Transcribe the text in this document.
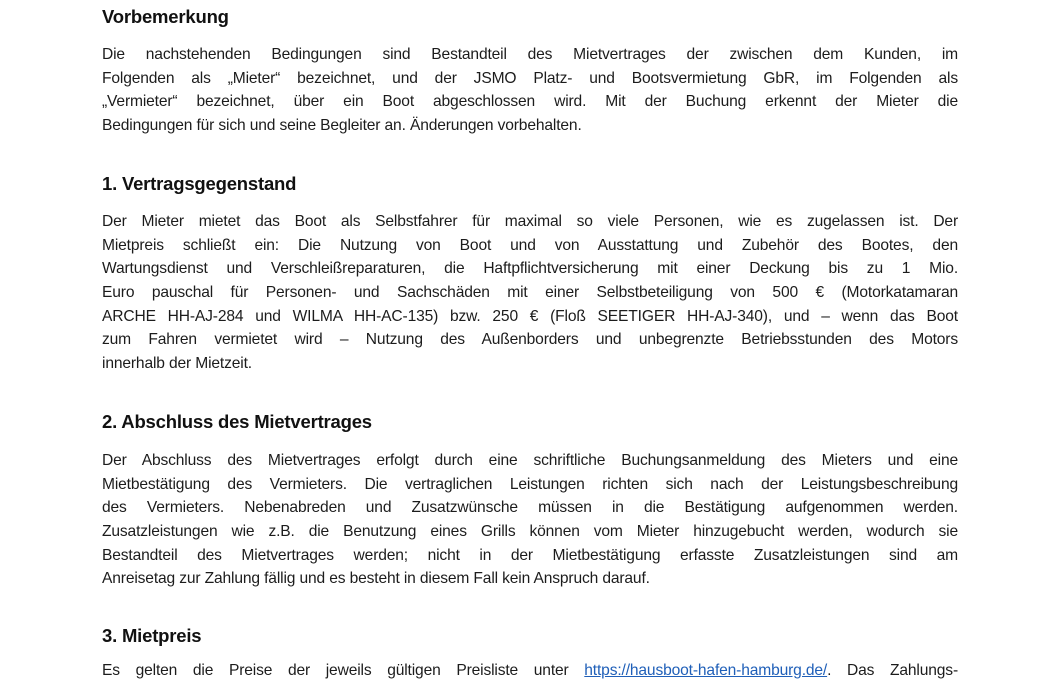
Vorbemerkung
Die nachstehenden Bedingungen sind Bestandteil des Mietvertrages der zwischen dem Kunden, im
Folgenden als „Mieter“ bezeichnet, und der JSMO Platz- und Bootsvermietung GbR, im Folgenden als
„Vermieter“ bezeichnet, über ein Boot abgeschlossen wird. Mit der Buchung erkennt der Mieter die
Bedingungen für sich und seine Begleiter an. Änderungen vorbehalten.
1. Vertragsgegenstand
Der Mieter mietet das Boot als Selbstfahrer für maximal so viele Personen, wie es zugelassen ist. Der
Mietpreis schließt ein: Die Nutzung von Boot und von Ausstattung und Zubehör des Bootes, den
Wartungsdienst und Verschleißreparaturen, die Haftpflichtversicherung mit einer Deckung bis zu 1 Mio.
Euro pauschal für Personen- und Sachschäden mit einer Selbstbeteiligung von 500 € (Motorkatamaran
ARCHE HH-AJ-284 und WILMA HH-AC-135) bzw. 250 € (Floß SEETIGER HH-AJ-340), und – wenn das Boot
zum Fahren vermietet wird – Nutzung des Außenborders und unbegrenzte Betriebsstunden des Motors
innerhalb der Mietzeit.
2. Abschluss des Mietvertrages
Der Abschluss des Mietvertrages erfolgt durch eine schriftliche Buchungsanmeldung des Mieters und eine
Mietbestätigung des Vermieters. Die vertraglichen Leistungen richten sich nach der Leistungsbeschreibung
des Vermieters. Nebenabreden und Zusatzwünsche müssen in die Bestätigung aufgenommen werden.
Zusatzleistungen wie z.B. die Benutzung eines Grills können vom Mieter hinzugebucht werden, wodurch sie
Bestandteil des Mietvertrages werden; nicht in der Mietbestätigung erfasste Zusatzleistungen sind am
Anreisetag zur Zahlung fällig und es besteht in diesem Fall kein Anspruch darauf.
3. Mietpreis
Es gelten die Preise der jeweils gültigen Preisliste unter https://hausboot-hafen-hamburg.de/. Das Zahlungs-
